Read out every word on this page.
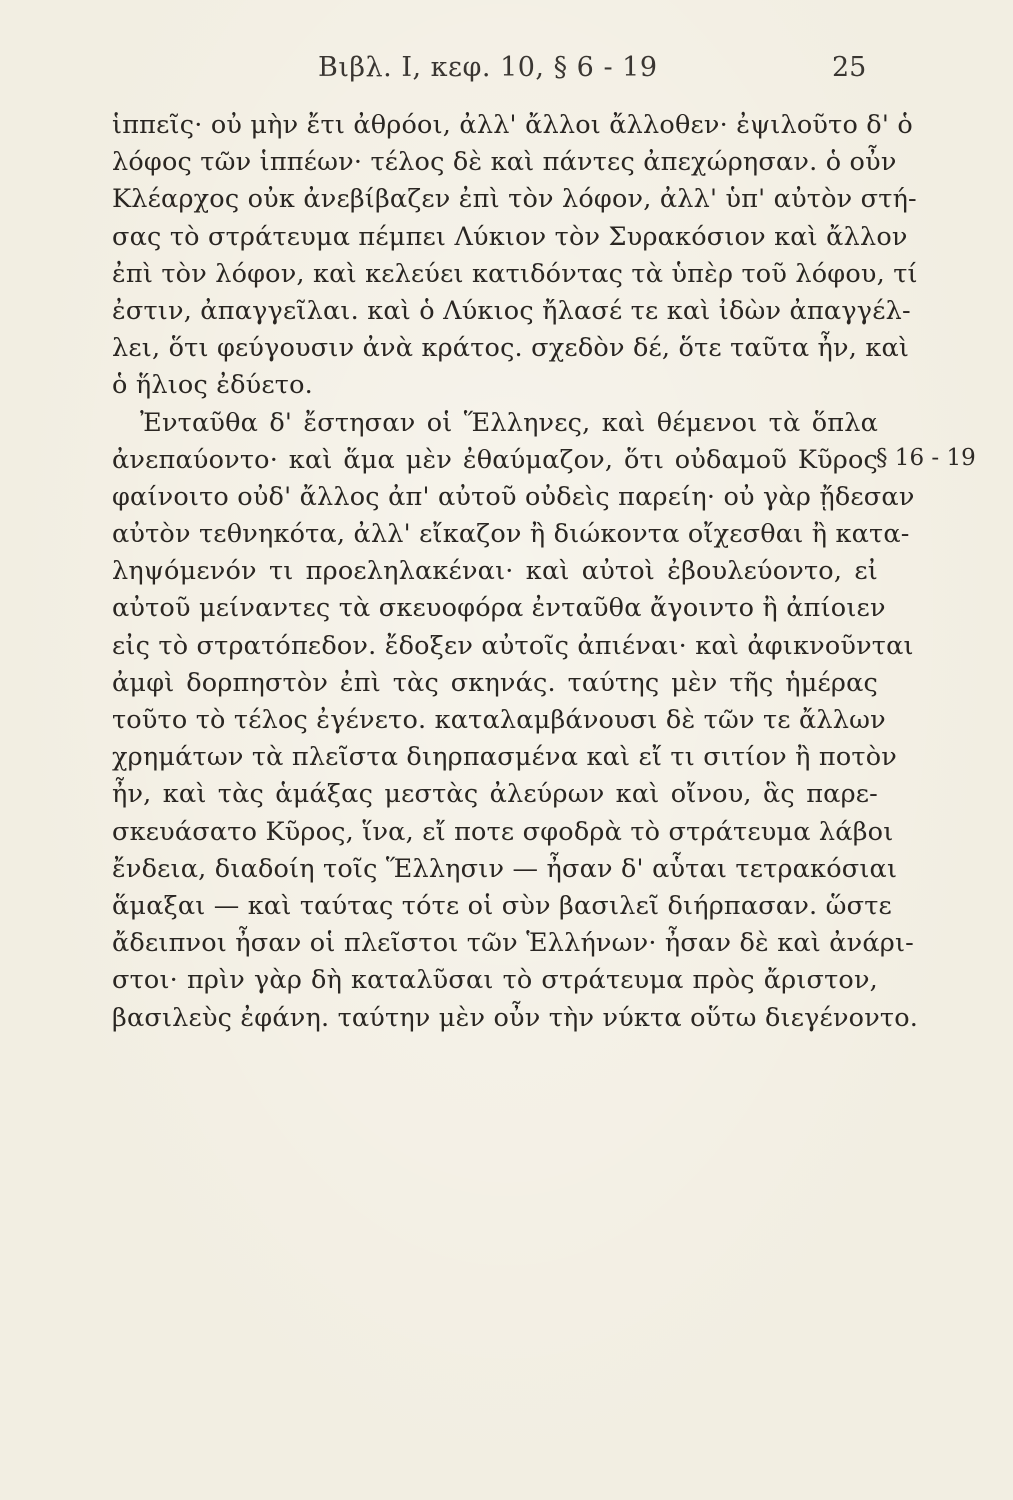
Βιβλ. Ι, κεφ. 10, § 6 - 19	25
§ 16 - 19
ἱππεῖς· οὐ μὴν ἔτι ἀθρόοι, ἀλλ' ἄλλοι ἄλλοθεν· ἐψιλοῦτο δ' ὁ
λόφος τῶν ἱππέων· τέλος δὲ καὶ πάντες ἀπεχώρησαν. ὁ οὖν
Κλέαρχος οὐκ ἀνεβίβαζεν ἐπὶ τὸν λόφον, ἀλλ' ὑπ' αὐτὸν στή-
σας τὸ στράτευμα πέμπει Λύκιον τὸν Συρακόσιον καὶ ἄλλον
ἐπὶ τὸν λόφον, καὶ κελεύει κατιδόντας τὰ ὑπὲρ τοῦ λόφου, τί
ἐστιν, ἀπαγγεῖλαι. καὶ ὁ Λύκιος ἤλασέ τε καὶ ἰδὼν ἀπαγγέλ-
λει, ὅτι φεύγουσιν ἀνὰ κράτος. σχεδὸν δέ, ὅτε ταῦτα ἦν, καὶ
ὁ ἥλιος ἐδύετο.
Ἐνταῦθα δ' ἔστησαν οἱ Ἕλληνες, καὶ θέμενοι τὰ ὅπλα
ἀνεπαύοντο· καὶ ἅμα μὲν ἐθαύμαζον, ὅτι οὐδαμοῦ Κῦρος
φαίνοιτο οὐδ' ἄλλος ἀπ' αὐτοῦ οὐδεὶς παρείη· οὐ γὰρ ᾔδεσαν
αὐτὸν τεθνηκότα, ἀλλ' εἴκαζον ἢ διώκοντα οἴχεσθαι ἢ κατα-
ληψόμενόν τι προεληλακέναι· καὶ αὐτοὶ ἐβουλεύοντο, εἰ
αὐτοῦ μείναντες τὰ σκευοφόρα ἐνταῦθα ἄγοιντο ἢ ἀπίοιεν
εἰς τὸ στρατόπεδον. ἔδοξεν αὐτοῖς ἀπιέναι· καὶ ἀφικνοῦνται
ἀμφὶ δορπηστὸν ἐπὶ τὰς σκηνάς. ταύτης μὲν τῆς ἡμέρας
τοῦτο τὸ τέλος ἐγένετο. καταλαμβάνουσι δὲ τῶν τε ἄλλων
χρημάτων τὰ πλεῖστα διηρπασμένα καὶ εἴ τι σιτίον ἢ ποτὸν
ἦν, καὶ τὰς ἁμάξας μεστὰς ἀλεύρων καὶ οἴνου, ἃς παρε-
σκευάσατο Κῦρος, ἵνα, εἴ ποτε σφοδρὰ τὸ στράτευμα λάβοι
ἔνδεια, διαδοίη τοῖς Ἕλλησιν — ἦσαν δ' αὗται τετρακόσιαι
ἅμαξαι — καὶ ταύτας τότε οἱ σὺν βασιλεῖ διήρπασαν. ὥστε
ἄδειπνοι ἦσαν οἱ πλεῖστοι τῶν Ἑλλήνων· ἦσαν δὲ καὶ ἀνάρι-
στοι· πρὶν γὰρ δὴ καταλῦσαι τὸ στράτευμα πρὸς ἄριστον,
βασιλεὺς ἐφάνη. ταύτην μὲν οὖν τὴν νύκτα οὕτω διεγένοντο.
